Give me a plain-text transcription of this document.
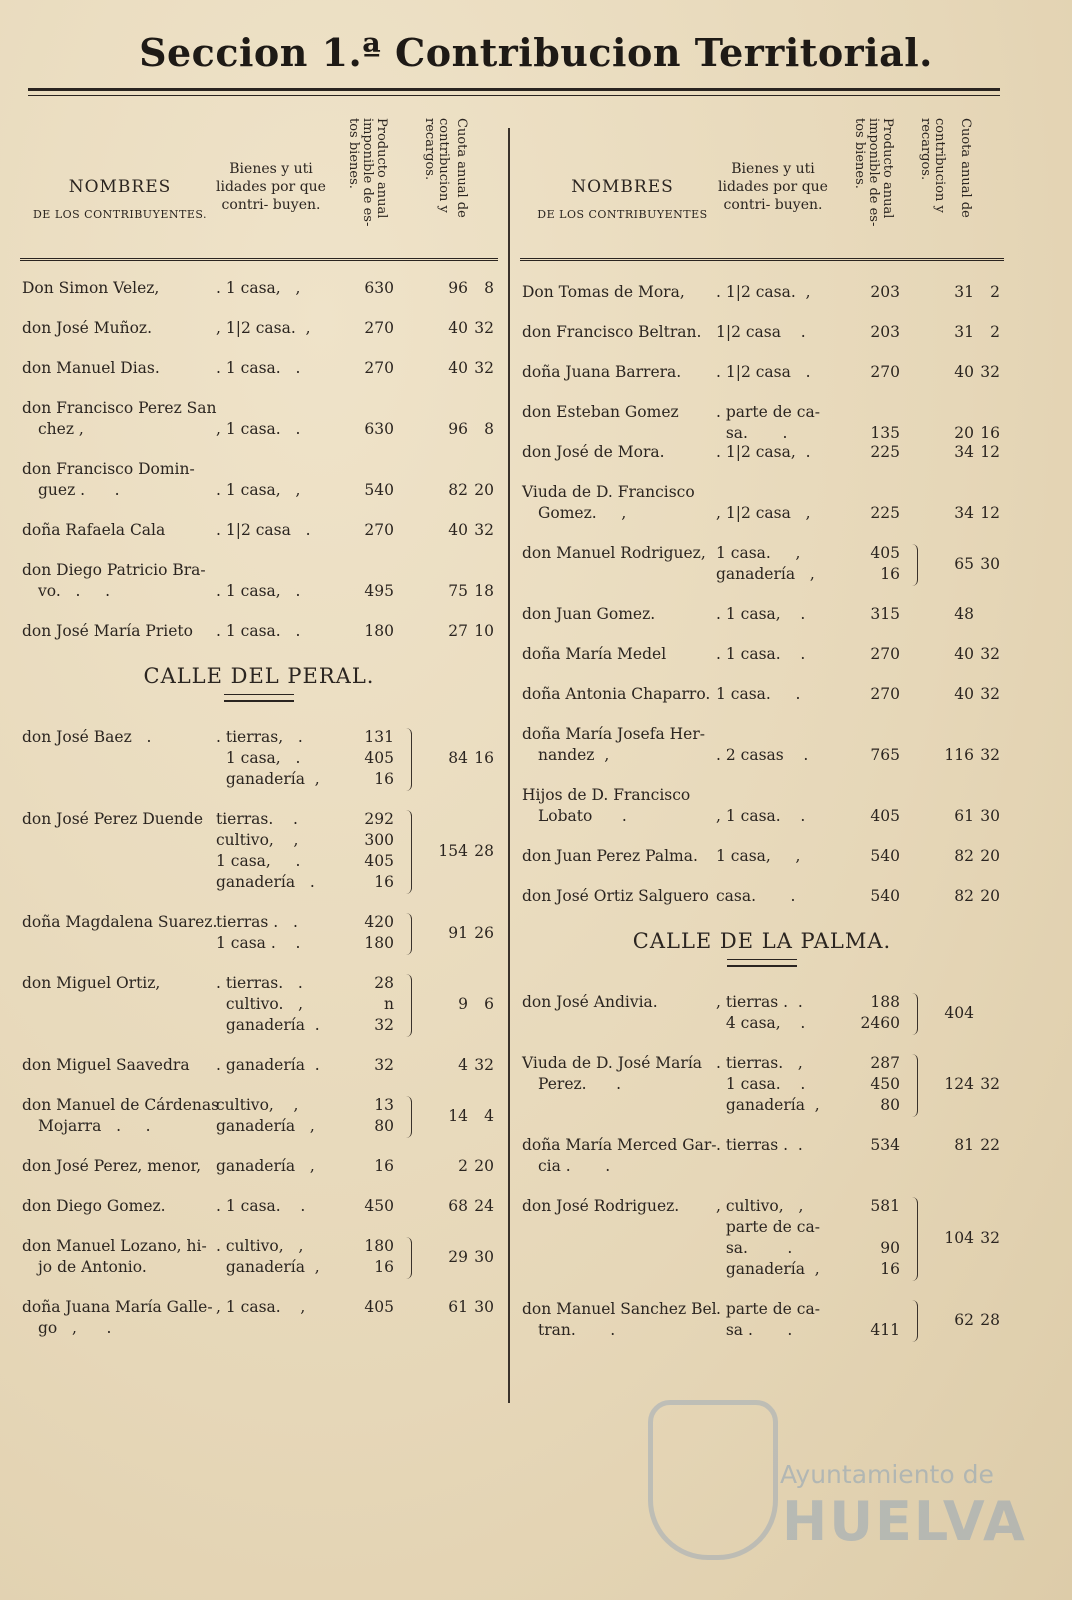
Seccion 1.ª Contribucion Territorial.
NOMBRES
DE LOS CONTRIBUYENTES.
Bienes y uti lidades por que contri- buyen.	Producto anual imponible de es- tos bienes.	contribucion y recargos.	Cuota anual de
Don Simon Velez,	. 1 casa,   ,	630	96 8
don José Muñoz.	, 1|2 casa.  ,	270	40 32
don Manuel Dias.	. 1 casa.   .	270	40 32
don Francisco Perez San
chez ,	, 1 casa.   .	630	96 8
don Francisco Domin-
guez .      .	. 1 casa,   ,	540	82 20
doña Rafaela Cala	. 1|2 casa   .	270	40 32
don Diego Patricio Bra-
vo.   .     .	. 1 casa,   .	495	75 18
don José María Prieto . 1 casa.   .	180	27 10
CALLE DEL PERAL.
don José Baez   .	. tierras,   .	131
1 casa,   .	405
ganadería  ,	16
84 16
don José Perez Duende tierras.    .	292
cultivo,    ,	300
1 casa,     .	405
ganadería   .	16
154 28
doña Magdalena Suarez.
tierras .   .	420
1 casa .    .	180
91 26
don Miguel Ortiz,	. tierras.   .	28
cultivo.   ,	n
ganadería  .	32
9 6
don Miguel Saavedra . ganadería  .	32	4 32
don Manuel de Cárdenas
Mojarra   .     .
cultivo,    ,	13
ganadería   ,	80
14 4
don José Perez, menor, ganadería   ,	16	2 20
don Diego Gomez.	. 1 casa.    .	450	68 24
don Manuel Lozano, hi-
jo de Antonio.
. cultivo,   ,	180
ganadería  ,	16
29 30
doña Juana María Galle-
go   ,      .
, 1 casa.    ,	405	61 30
NOMBRES
DE LOS CONTRIBUYENTES
Bienes y uti lidades por que contri- buyen.	Producto anual imponible de es- tos bienes.	contribucion y recargos.	Cuota anual de
Don Tomas de Mora, . 1|2 casa.  ,	203	31 2
don Francisco Beltran. 1|2 casa    .	203	31 2
doña Juana Barrera. . 1|2 casa   .	270	40 32
don Esteban Gomez . parte de ca-
sa.       .	135	20 16
don José de Mora.	. 1|2 casa,  .	225	34 12
Viuda de D. Francisco
Gomez.     ,	, 1|2 casa   ,	225	34 12
don Manuel Rodriguez, 1 casa.     ,	405
ganadería   ,	16
65 30
don Juan Gomez.	. 1 casa,    .	315	48
doña María Medel	. 1 casa.    .	270	40 32
doña Antonia Chaparro. 1 casa.     .	270	40 32
doña María Josefa Her-
nandez  ,	. 2 casas    .	765	116 32
Hijos de D. Francisco
Lobato      .	, 1 casa.    .	405	61 30
don Juan Perez Palma. 1 casa,     ,	540	82 20
don José Ortiz Salguero casa.       .	540	82 20
CALLE DE LA PALMA.
don José Andivia.	, tierras .  .	188
4 casa,    .	2460
404
Viuda de D. José María
Perez.      .
. tierras.   ,	287
1 casa.    .	450
ganadería  ,	80
124 32
doña María Merced Gar-
cia .       .
. tierras .  .	534	81 22
don José Rodriguez. , cultivo,   ,	581
parte de ca-
sa.        .	90
ganadería  ,	16
104 32
don Manuel Sanchez Bel
tran.       .
. parte de ca-
sa .       .	411
62 28
Ayuntamiento de
HUELVA
